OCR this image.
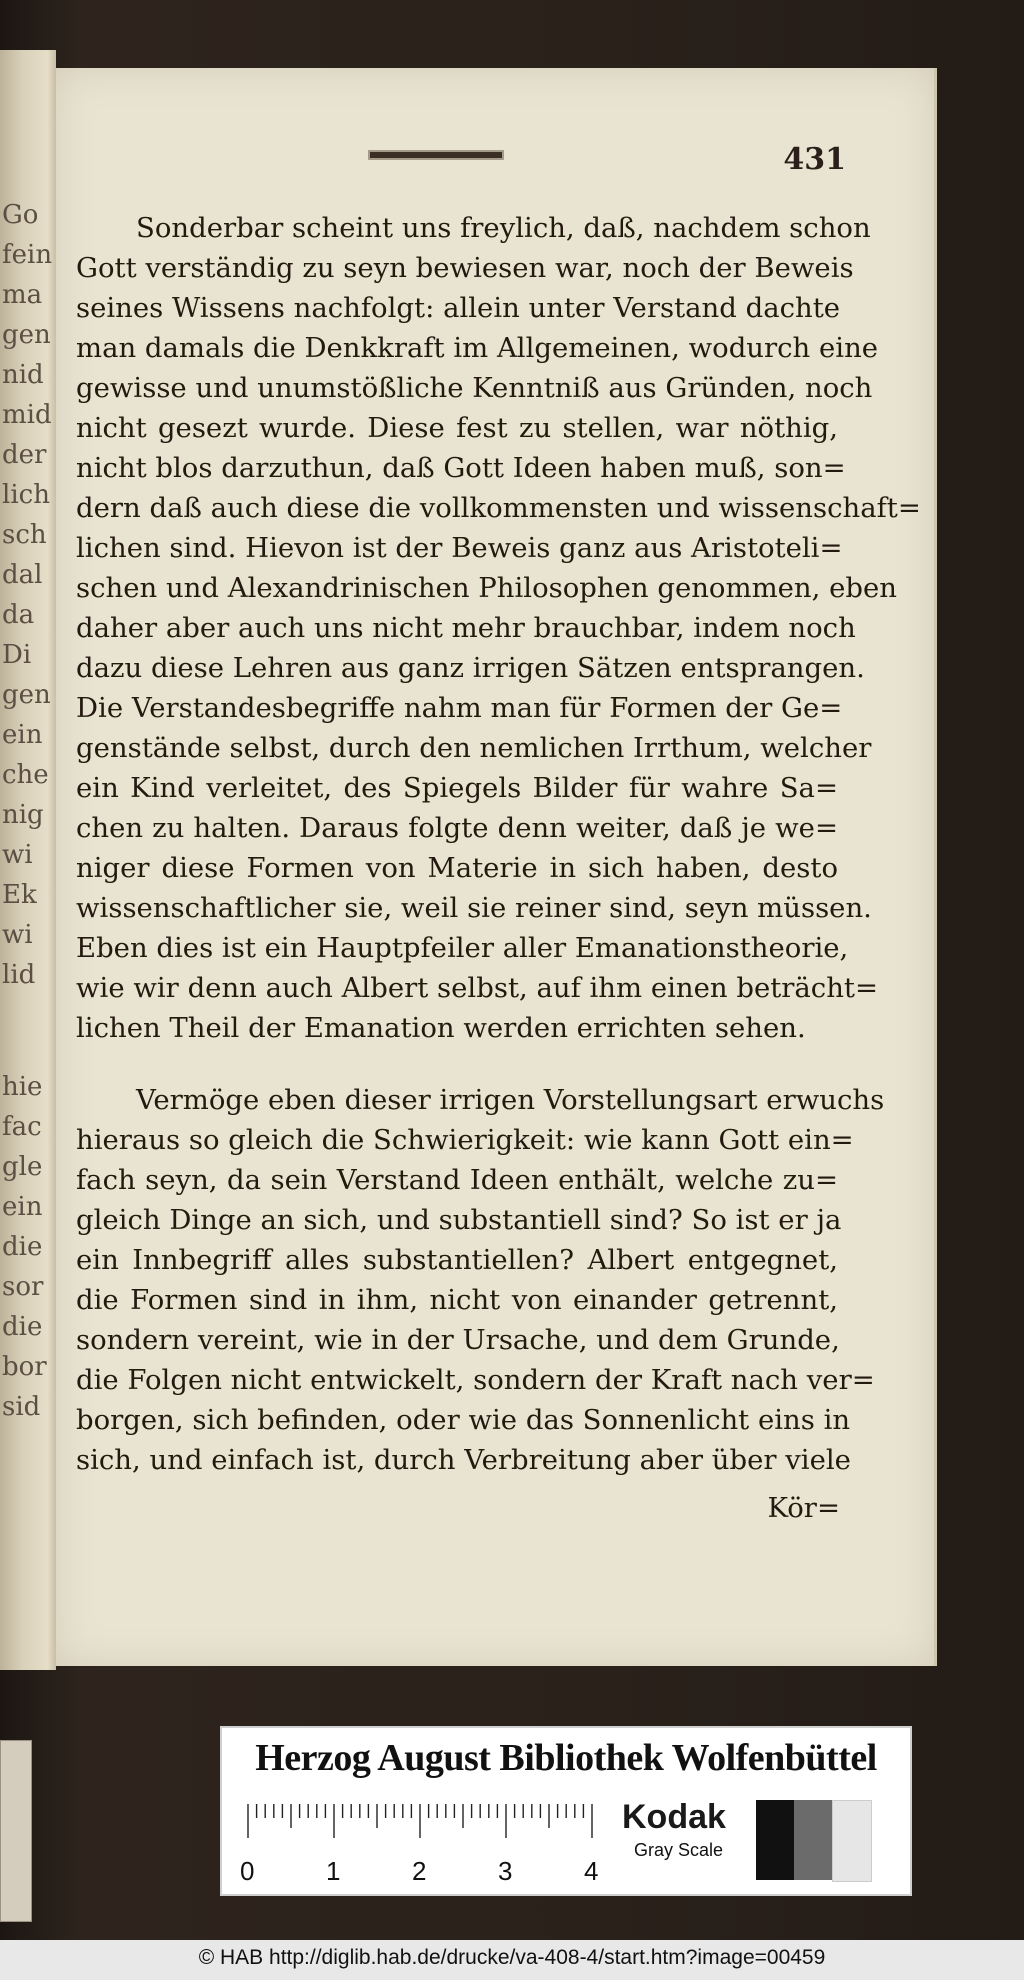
Go
fein
ma
gen
nid
mid
der
lich
sch
dal
da
Di
gen
ein
che
nig
wi
Ek
wi
lid
hie
fac
gle
ein
die
sor
die
bor
sid
431
Sonderbar scheint uns freylich, daß, nachdem schon
Gott verständig zu seyn bewiesen war, noch der Beweis
seines Wissens nachfolgt: allein unter Verstand dachte
man damals die Denkkraft im Allgemeinen, wodurch eine
gewisse und unumstößliche Kenntniß aus Gründen, noch
nicht gesezt wurde. Diese fest zu stellen, war nöthig,
nicht blos darzuthun, daß Gott Ideen haben muß, son=
dern daß auch diese die vollkommensten und wissenschaft=
lichen sind. Hievon ist der Beweis ganz aus Aristoteli=
schen und Alexandrinischen Philosophen genommen, eben
daher aber auch uns nicht mehr brauchbar, indem noch
dazu diese Lehren aus ganz irrigen Sätzen entsprangen.
Die Verstandesbegriffe nahm man für Formen der Ge=
genstände selbst, durch den nemlichen Irrthum, welcher
ein Kind verleitet, des Spiegels Bilder für wahre Sa=
chen zu halten. Daraus folgte denn weiter, daß je we=
niger diese Formen von Materie in sich haben, desto
wissenschaftlicher sie, weil sie reiner sind, seyn müssen.
Eben dies ist ein Hauptpfeiler aller Emanationstheorie,
wie wir denn auch Albert selbst, auf ihm einen beträcht=
lichen Theil der Emanation werden errichten sehen.
Vermöge eben dieser irrigen Vorstellungsart erwuchs
hieraus so gleich die Schwierigkeit: wie kann Gott ein=
fach seyn, da sein Verstand Ideen enthält, welche zu=
gleich Dinge an sich, und substantiell sind? So ist er ja
ein Innbegriff alles substantiellen? Albert entgegnet,
die Formen sind in ihm, nicht von einander getrennt,
sondern vereint, wie in der Ursache, und dem Grunde,
die Folgen nicht entwickelt, sondern der Kraft nach ver=
borgen, sich befinden, oder wie das Sonnenlicht eins in
sich, und einfach ist, durch Verbreitung aber über viele
Kör=
Herzog August Bibliothek Wolfenbüttel
0	1	2	3	4
Kodak
Gray Scale
© HAB http://diglib.hab.de/drucke/va-408-4/start.htm?image=00459
